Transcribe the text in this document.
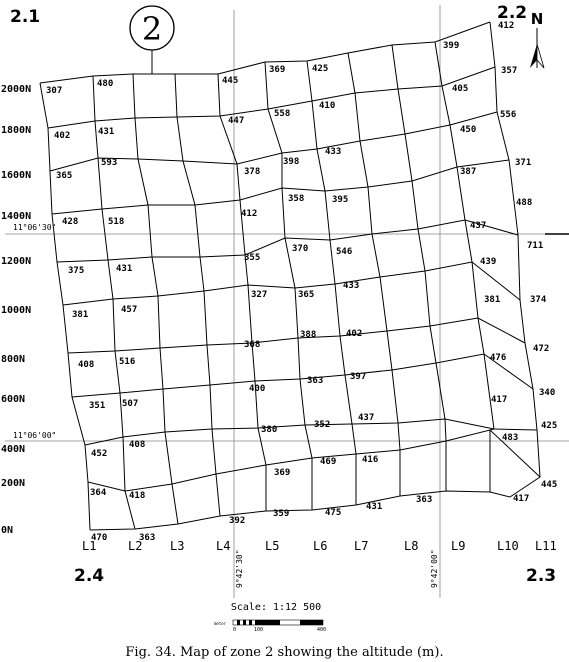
2
2.1	2.2
2.4	2.3
N
11°06'30"
11°06'00"
9°42'30"	9°42'00"
2000N
1800N
1600N
1400N
1200N
1000N
800N
600N
400N
200N
0N
L1	L2 L3	L4	L5	L6 L7	L8	L9	L10 L11
307
480	445
369	425
399
412
402	431
447
558
410
405
357
365
593
378
398
433
450
556
428	518
412
358	395
387
371
375	431
355
370	546
437
488
381	457
327	365
433
439
711
408	516
368
388	402
381	374
351 507
400
363	397
476
472
452
408
380	352
437
417
340
364	418
369
469	416
483
425
470	363
392
359	475
431
363	417
445
Scale: 1:12 500
meter
0	100	400
Fig. 34. Map of zone 2 showing the altitude (m).
